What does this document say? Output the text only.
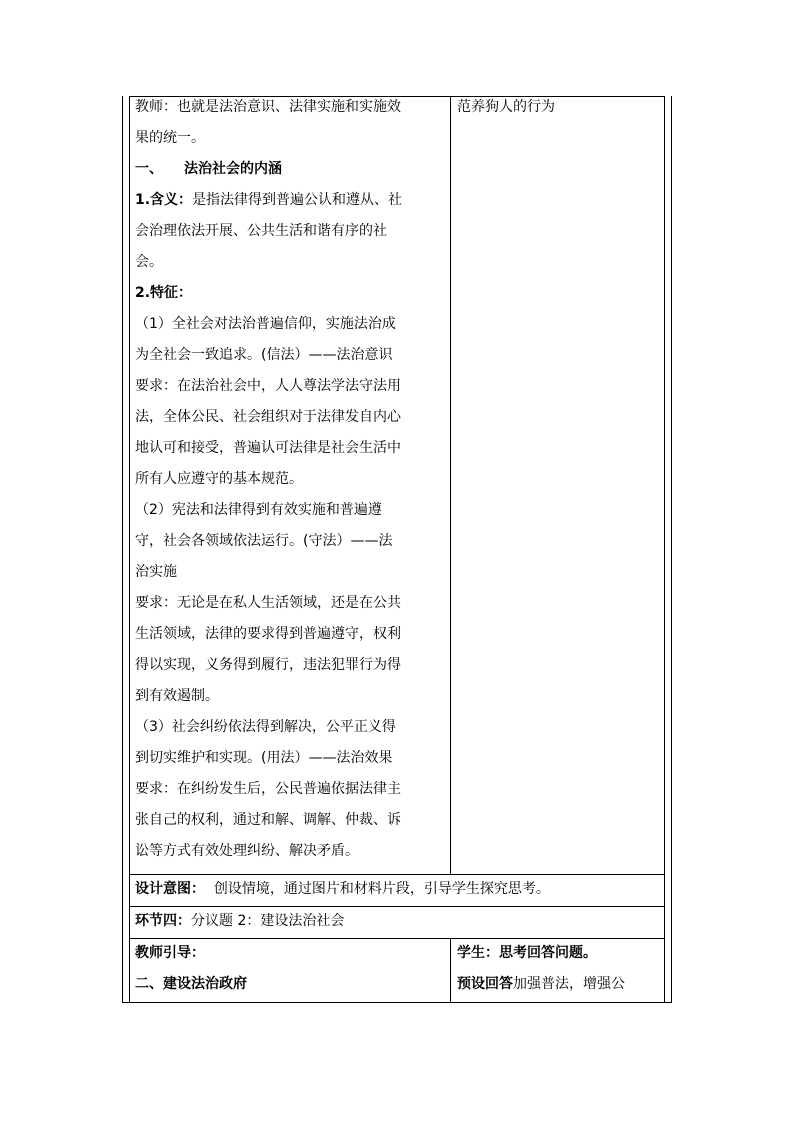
教师：也就是法治意识、法律实施和实施效

果的统一。

一、　　法治社会的内涵

1.含义：是指法律得到普遍公认和遵从、社

会治理依法开展、公共生活和谐有序的社

会。

2.特征：

（1）全社会对法治普遍信仰，实施法治成

为全社会一致追求。(信法）——法治意识

要求：在法治社会中，人人尊法学法守法用

法，全体公民、社会组织对于法律发自内心

地认可和接受，普遍认可法律是社会生活中

所有人应遵守的基本规范。

（2）宪法和法律得到有效实施和普遍遵

守，社会各领域依法运行。(守法）——法

治实施

要求：无论是在私人生活领域，还是在公共

生活领域，法律的要求得到普遍遵守，权利

得以实现，义务得到履行，违法犯罪行为得

到有效遏制。

（3）社会纠纷依法得到解决，公平正义得

到切实维护和实现。(用法）——法治效果

要求：在纠纷发生后，公民普遍依据法律主

张自己的权利，通过和解、调解、仲裁、诉

讼等方式有效处理纠纷、解决矛盾。

范养狗人的行为

设计意图： 创设情境，通过图片和材料片段，引导学生探究思考。

环节四：分议题 2：建设法治社会

教师引导：

二、建设法治政府

学生：思考回答问题。

预设回答加强普法，增强公
